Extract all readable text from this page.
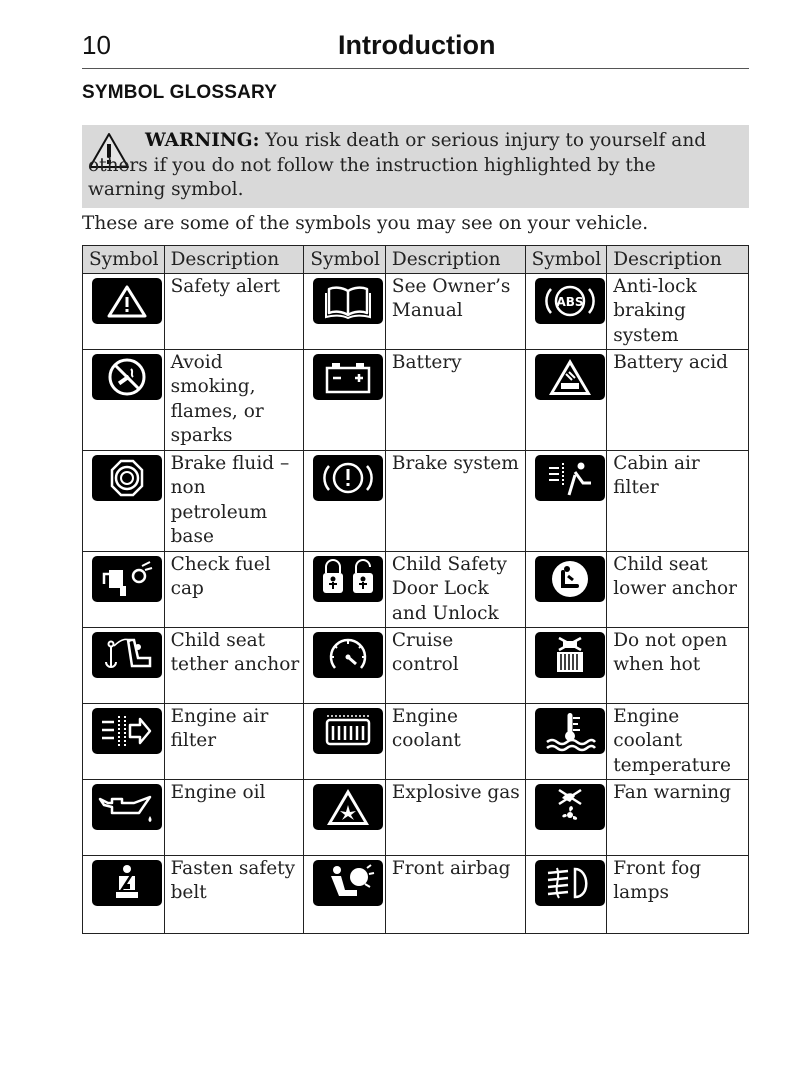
10	Introduction
SYMBOL GLOSSARY

WARNING: You risk death or serious injury to yourself and others if you do not follow the instruction highlighted by the warning symbol.

These are some of the symbols you may see on your vehicle.

Symbol	Description	Symbol	Description	Symbol	Description

	Safety alert		See Owner’s Manual	ABS	Anti-lock braking system

	Avoid smoking, flames, or sparks		Battery		Battery acid

	Brake fluid – non petroleum base		Brake system		Cabin air filter

	Check fuel cap		Child Safety Door Lock and Unlock		Child seat lower anchor

	Child seat tether anchor		Cruise control		Do not open when hot

	Engine air filter		Engine coolant		Engine coolant temperature

	Engine oil		Explosive gas		Fan warning

	Fasten safety belt		Front airbag		Front fog lamps
